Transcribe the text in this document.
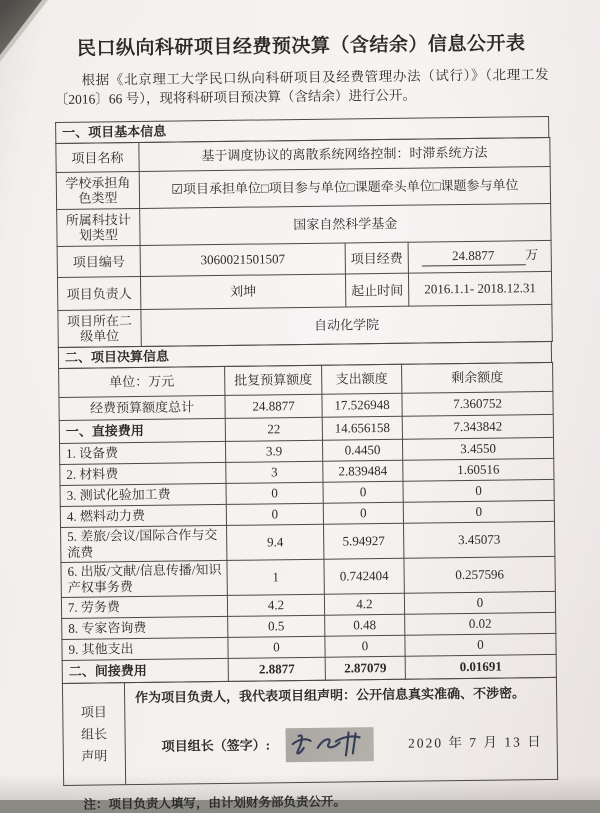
民口纵向科研项目经费预决算（含结余）信息公开表
根据《北京理工大学民口纵向科研项目及经费管理办法（试行）》（北理工发〔2016〕66 号），现将科研项目预决算（含结余）进行公开。
一、项目基本信息
项目名称	基于调度协议的离散系统网络控制：时滞系统方法		
学校承担角色类型	☑项目承担单位□项目参与单位□课题牵头单位□课题参与单位		
所属科技计划类型	国家自然科学基金		
项目编号	3060021501507	项目经费	24.8877 万
项目负责人	刘坤	起止时间	2016.1.1- 2018.12.31
项目所在二级单位	自动化学院		
二、项目决算信息
单位：万元	批复预算额度	支出额度	剩余额度
经费预算额度总计	24.8877	17.526948	7.360752
一、直接费用	22	14.656158	7.343842
1. 设备费	3.9	0.4450	3.4550
2. 材料费	3	2.839484	1.60516
3. 测试化验加工费	0	0	0
4. 燃料动力费	0	0	0
5. 差旅/会议/国际合作与交流费	9.4	5.94927	3.45073
6. 出版/文献/信息传播/知识产权事务费	1	0.742404	0.257596
7. 劳务费	4.2	4.2	0
8. 专家咨询费	0.5	0.48	0.02
9. 其他支出	0	0	0
二、间接费用	2.8877	2.87079	0.01691
项目组长声明	
作为项目负责人，我代表项目组声明：公开信息真实准确、不涉密。
项目组长（签字）:	2020 年 7 月 13 日
注：项目负责人填写，由计划财务部负责公开。
